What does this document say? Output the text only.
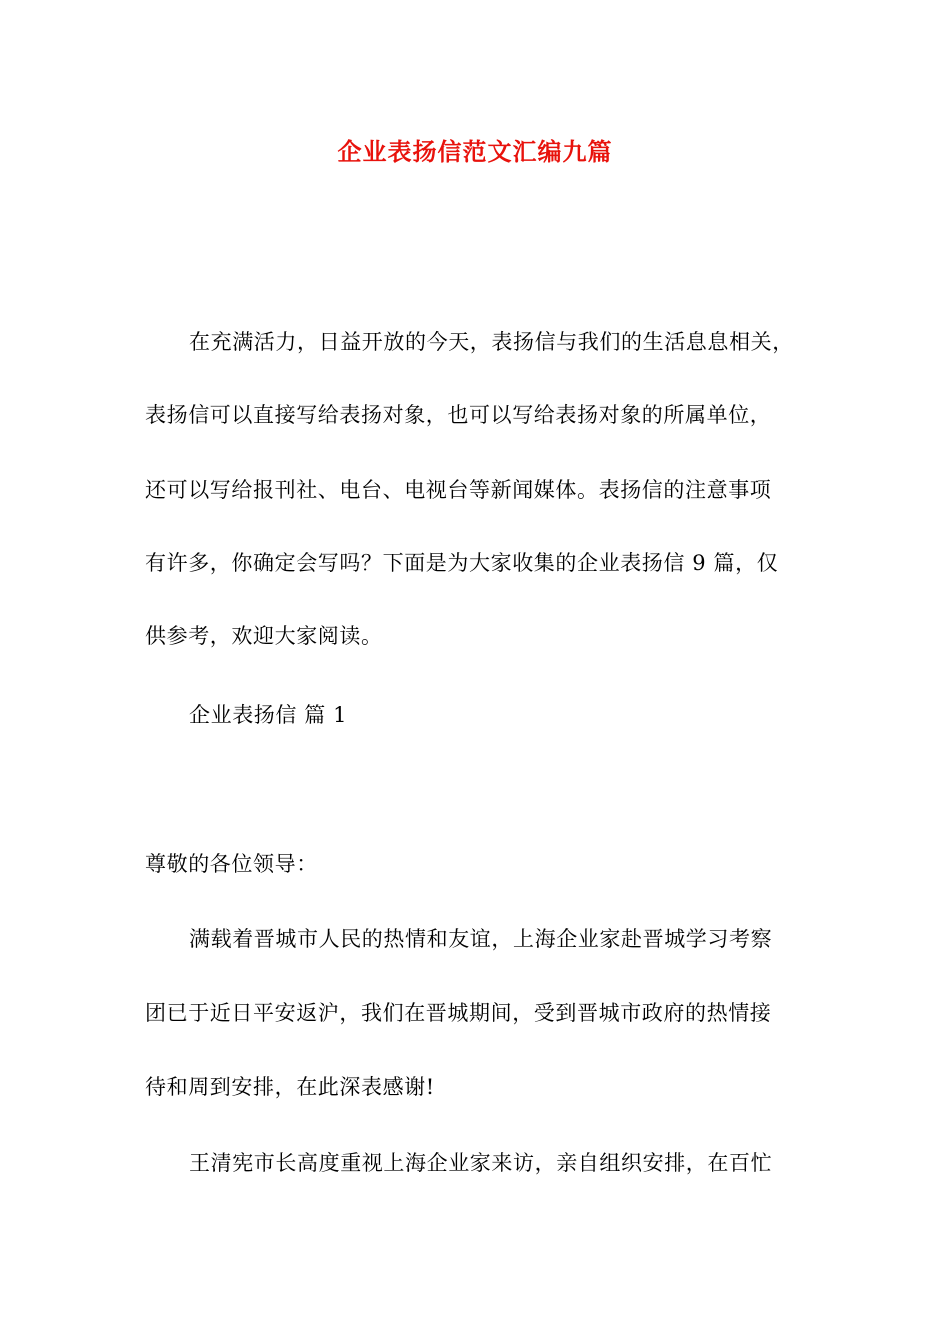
企业表扬信范文汇编九篇
在充满活力，日益开放的今天，表扬信与我们的生活息息相关，
表扬信可以直接写给表扬对象，也可以写给表扬对象的所属单位，
还可以写给报刊社、电台、电视台等新闻媒体。表扬信的注意事项
有许多，你确定会写吗？下面是为大家收集的企业表扬信 9 篇，仅
供参考，欢迎大家阅读。
企业表扬信 篇 1
尊敬的各位领导：
满载着晋城市人民的热情和友谊，上海企业家赴晋城学习考察
团已于近日平安返沪，我们在晋城期间，受到晋城市政府的热情接
待和周到安排，在此深表感谢!
王清宪市长高度重视上海企业家来访，亲自组织安排，在百忙
